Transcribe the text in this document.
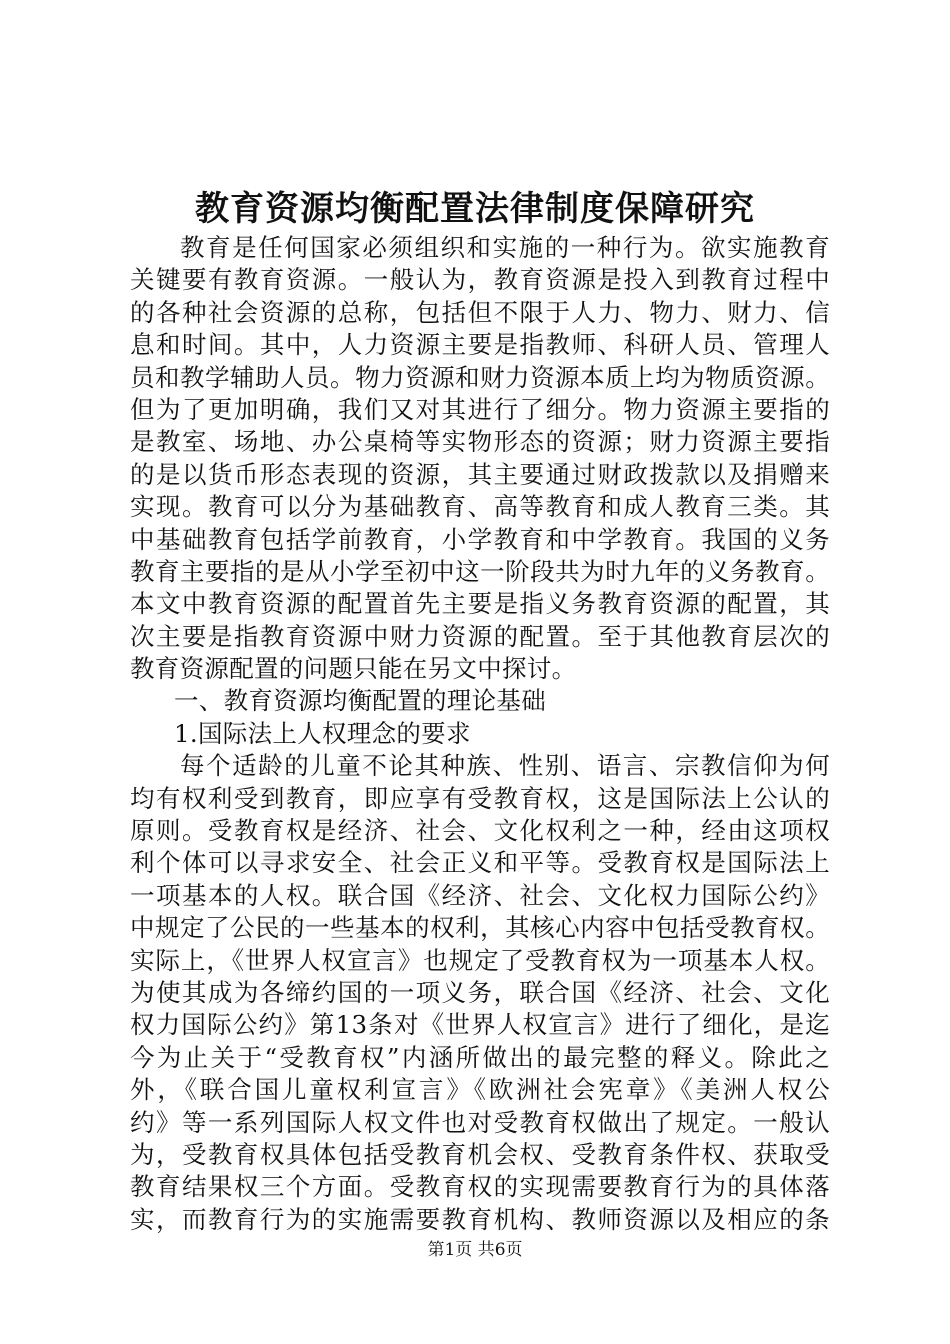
教育资源均衡配置法律制度保障研究
教育是任何国家必须组织和实施的一种行为。欲实施教育
关键要有教育资源。一般认为，教育资源是投入到教育过程中
的各种社会资源的总称，包括但不限于人力、物力、财力、信
息和时间。其中，人力资源主要是指教师、科研人员、管理人
员和教学辅助人员。物力资源和财力资源本质上均为物质资源。
但为了更加明确，我们又对其进行了细分。物力资源主要指的
是教室、场地、办公桌椅等实物形态的资源；财力资源主要指
的是以货币形态表现的资源，其主要通过财政拨款以及捐赠来
实现。教育可以分为基础教育、高等教育和成人教育三类。其
中基础教育包括学前教育，小学教育和中学教育。我国的义务
教育主要指的是从小学至初中这一阶段共为时九年的义务教育。
本文中教育资源的配置首先主要是指义务教育资源的配置，其
次主要是指教育资源中财力资源的配置。至于其他教育层次的
教育资源配置的问题只能在另文中探讨。
一、教育资源均衡配置的理论基础
1.国际法上人权理念的要求
每个适龄的儿童不论其种族、性别、语言、宗教信仰为何
均有权利受到教育，即应享有受教育权，这是国际法上公认的
原则。受教育权是经济、社会、文化权利之一种，经由这项权
利个体可以寻求安全、社会正义和平等。受教育权是国际法上
一项基本的人权。联合国《经济、社会、文化权力国际公约》
中规定了公民的一些基本的权利，其核心内容中包括受教育权。
实际上，《世界人权宣言》也规定了受教育权为一项基本人权。
为使其成为各缔约国的一项义务，联合国《经济、社会、文化
权力国际公约》第13条对《世界人权宣言》进行了细化，是迄
今为止关于“受教育权”内涵所做出的最完整的释义。除此之
外，《联合国儿童权利宣言》《欧洲社会宪章》《美洲人权公
约》等一系列国际人权文件也对受教育权做出了规定。一般认
为，受教育权具体包括受教育机会权、受教育条件权、获取受
教育结果权三个方面。受教育权的实现需要教育行为的具体落
实，而教育行为的实施需要教育机构、教师资源以及相应的条
第1页 共6页
